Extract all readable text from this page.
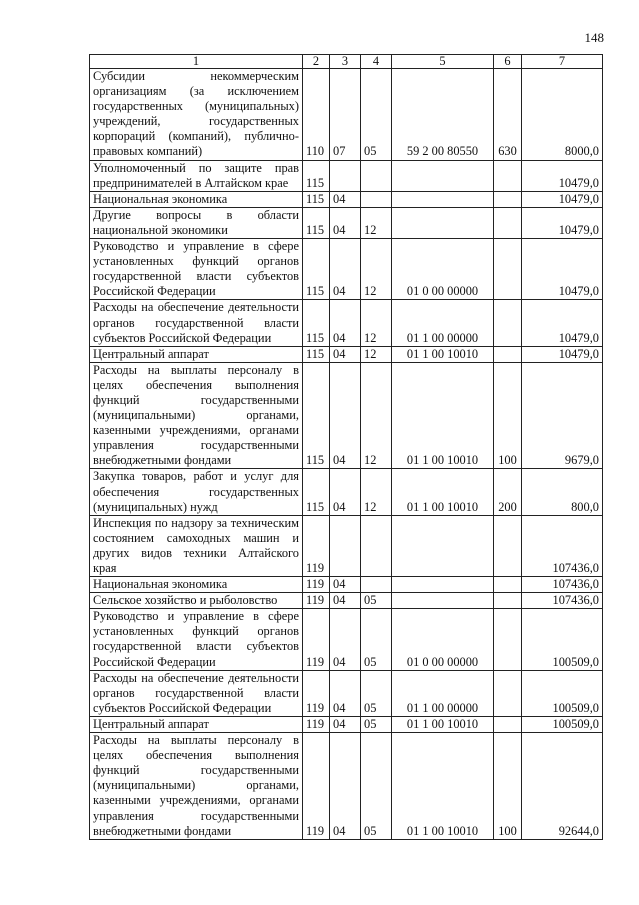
148
1	2	3	4	5	6	7
Субсидии некоммерческим организациям (за исключением государственных (муниципальных) учреждений, государственных корпораций (компаний), публично-правовых компаний)	110	07	05	59 2 00 80550	630	8000,0
Уполномоченный по защите прав предпринимателей в Алтайском крае	115					10479,0
Национальная экономика	115	04				10479,0
Другие вопросы в области национальной экономики	115	04	12			10479,0
Руководство и управление в сфере установленных функций органов государственной власти субъектов Российской Федерации	115	04	12	01 0 00 00000		10479,0
Расходы на обеспечение деятельности органов государственной власти субъектов Российской Федерации	115	04	12	01 1 00 00000		10479,0
Центральный аппарат	115	04	12	01 1 00 10010		10479,0
Расходы на выплаты персоналу в целях обеспечения выполнения функций государственными (муниципальными) органами, казенными учреждениями, органами управления государственными внебюджетными фондами	115	04	12	01 1 00 10010	100	9679,0
Закупка товаров, работ и услуг для обеспечения государственных (муниципальных) нужд	115	04	12	01 1 00 10010	200	800,0
Инспекция по надзору за техническим состоянием самоходных машин и других видов техники Алтайского края	119					107436,0
Национальная экономика	119	04				107436,0
Сельское хозяйство и рыболовство	119	04	05			107436,0
Руководство и управление в сфере установленных функций органов государственной власти субъектов Российской Федерации	119	04	05	01 0 00 00000		100509,0
Расходы на обеспечение деятельности органов государственной власти субъектов Российской Федерации	119	04	05	01 1 00 00000		100509,0
Центральный аппарат	119	04	05	01 1 00 10010		100509,0
Расходы на выплаты персоналу в целях обеспечения выполнения функций государственными (муниципальными) органами, казенными учреждениями, органами управления государственными внебюджетными фондами	119	04	05	01 1 00 10010	100	92644,0
